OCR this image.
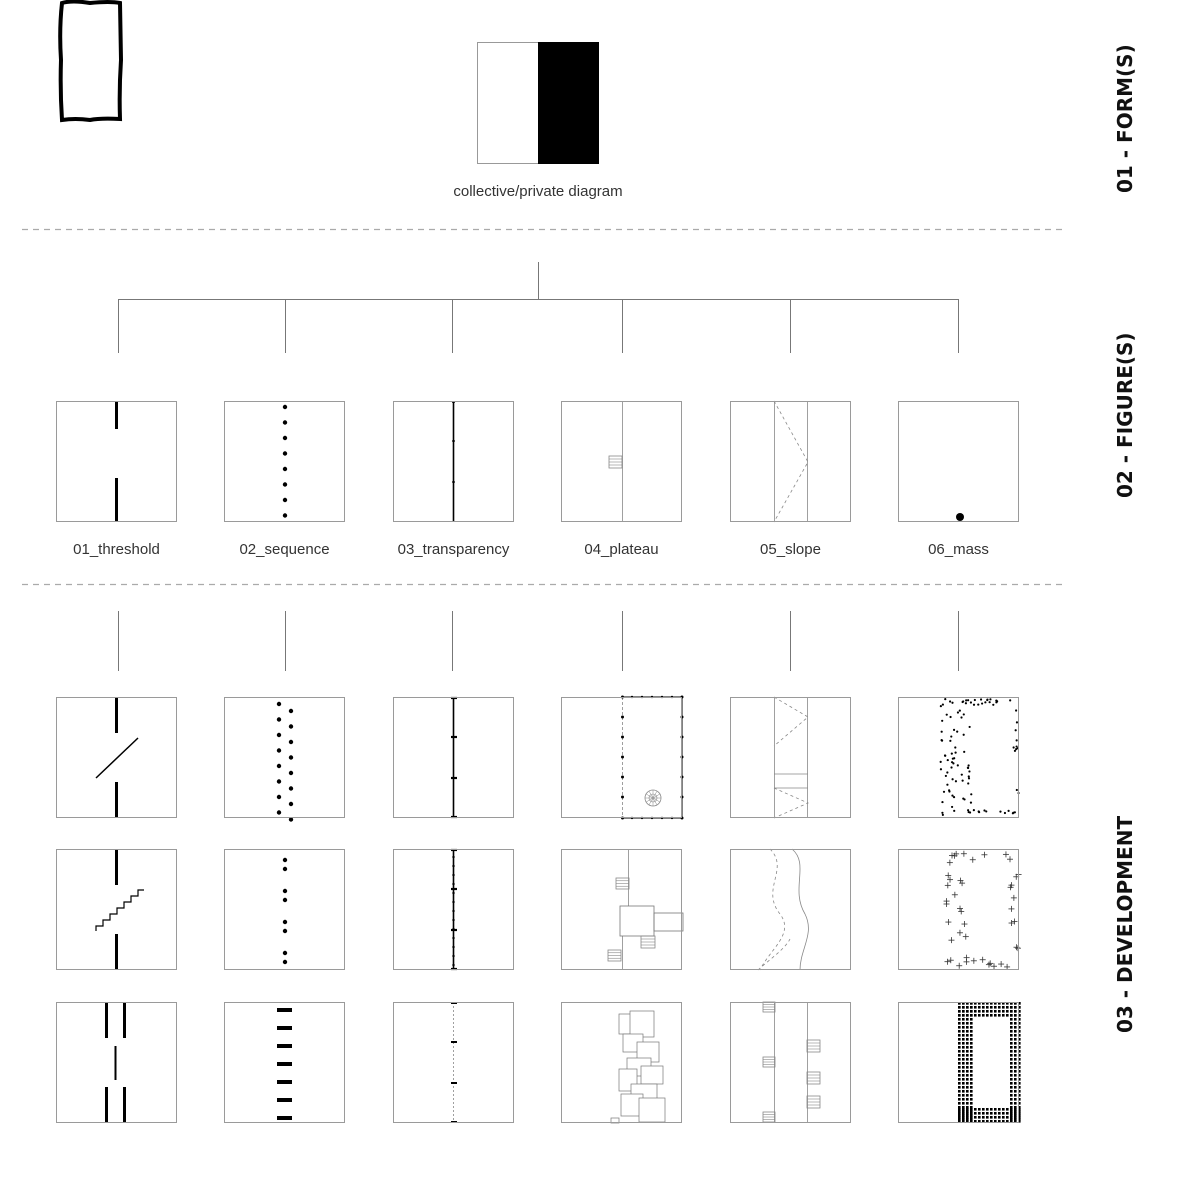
collective/private diagram
01_threshold	02_sequence	03_transparency	04_plateau	05_slope	06_mass
01 - FORM(S)
02 - FIGURE(S)
03 - DEVELOPMENT
